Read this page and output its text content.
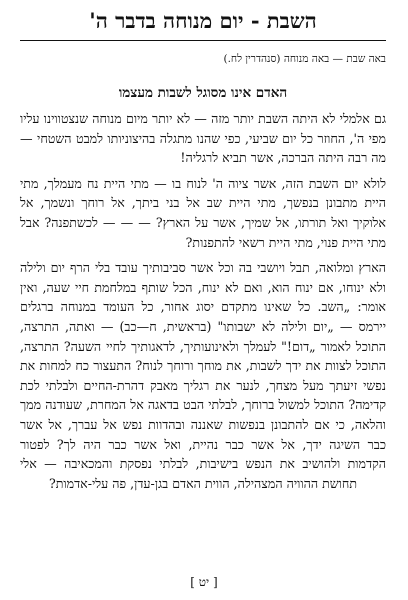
השבת - יום מנוחה בדבר ה'
באה שבת — באה מנוחה (סנהדרין לח.)
האדם אינו מסוגל לשבות מעצמו

גם אלמלי לא היתה השבת יותר מזה — לא יותר מיום מנוחה שנצטווינו עליו מפי ה', החוזר כל יום שביעי, כפי שהנו מתגלה בהיצוניותו למבט השטחי — מה רבה היתה הברכה, אשר תביא לרגליה!

לולא יום השבת הזה, אשר ציוה ה' לנוח בו — מתי היית נח מעמלך, מתי היית מתבונן בנפשך, מתי היית שב אל בני ביתך, אל רוחך ונשמך, אל אלוקיך ואל תורתו, אל שמיך, אשר על הארץ? — — — לכשתפנה? אבל מתי היית פנוי, מתי היית רשאי להתפנות?

הארץ ומלואה, תבל ויושבי בה וכל אשר סביבותיך עובד בלי הרף יום ולילה ולא ינוחו, אם ינוח הוא, ואם לא ינוח, הכל שותף במלחמת חיי שעה, ואין אומר: „השב. כל שאינו מתקדם יסוג אחור, כל העומד במנוחה ברגלים יירמס — „יום ולילה לא ישבותו" (בראשית, ח—כב) — ואתה, התרצה, התוכל לאמור „דום!" לעמלך ולאינועותיך, לדאגותיך לחיי השעה? התרצה, התוכל לצוות את ידך לשבות, את מוחך ורוחך לנוח? התעצור כח למחות את נפשי זיעתך מעל מצחך, לנער את רגליך מאבק דהרת-החיים ולבלתי לכת קדימה? התוכל למשול ברוחך, לבלתי הבט בדאגה אל המחרת, שעודנה ממך והלאה, כי אם להתבונן בנפשות שאננה ובהדוות נפש אל עברך, אל אשר כבר השיגה ידך, אל אשר כבר נהיית, ואל אשר כבר היה לך? לפטור הקדמות ולהושיב את הנפש בישיבות, לבלתי נפסקת והמכאיבה — אלי תחושת ההוויה המצהילה, הווית האדם בגן-עדן, פה עלי-אדמות?

[ יט ]
